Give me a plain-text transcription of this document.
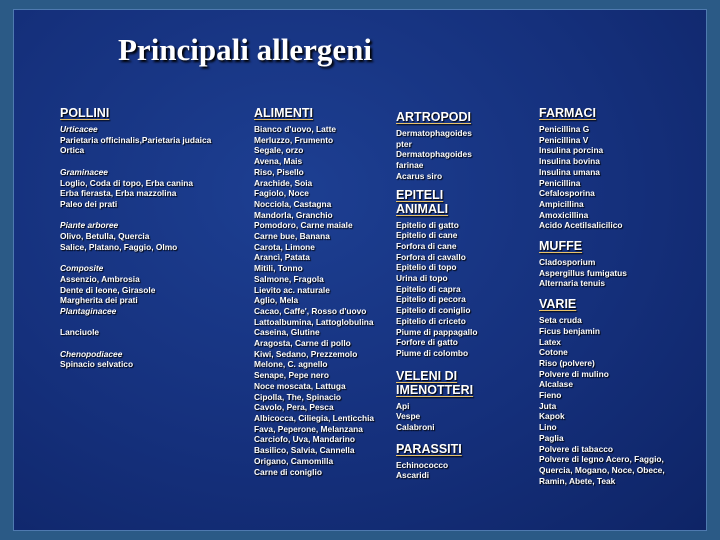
Principali allergeni
POLLINI
Urticacee
Parietaria officinalis,Parietaria judaica
Ortica
Graminacee
Loglio, Coda di topo, Erba canina
Erba fierasta, Erba mazzolina
Paleo dei prati
Piante arboree
Olivo, Betulla, Quercia
Salice, Platano, Faggio, Olmo
Composite
Assenzio, Ambrosia
Dente di leone, Girasole
Margherita dei prati
Plantaginacee
Lanciuole
Chenopodiacee
Spinacio selvatico
ALIMENTI
Bianco d'uovo, Latte
Merluzzo, Frumento
Segale, orzo
Avena, Mais
Riso, Pisello
Arachide, Soia
Fagiolo, Noce
Nocciola, Castagna
Mandorla, Granchio
Pomodoro, Carne maiale
Carne bue, Banana
Carota, Limone
Arancì, Patata
Mitili, Tonno
Salmone, Fragola
Lievito ac. naturale
Aglio, Mela
Cacao, Caffe', Rosso d'uovo
Lattoalbumina, Lattoglobulina
Caseina, Glutine
Aragosta, Carne di pollo
Kiwi, Sedano, Prezzemolo
Melone, C. agnello
Senape, Pepe nero
Noce moscata, Lattuga
Cipolla, The, Spinacio
Cavolo, Pera, Pesca
Albicocca, Ciliegia, Lenticchia
Fava, Peperone, Melanzana
Carciofo, Uva, Mandarino
Basilico, Salvia, Cannella
Origano, Camomilla
Carne di coniglio
ARTROPODI
Dermatophagoides
pter
Dermatophagoides
farinae
Acarus siro
EPITELI
ANIMALI
Epitelio di gatto
Epitelio di cane
Forfora di cane
Forfora di cavallo
Epitelio di topo
Urina di topo
Epitelio di capra
Epitelio di pecora
Epitelio di coniglio
Epitelio di criceto
Piume di pappagallo
Forfore di gatto
Piume di colombo
VELENI DI
IMENOTTERI
Api
Vespe
Calabroni
PARASSITI
Echinococco
Ascaridi
FARMACI
Penicillina G
Penicillina V
Insulina porcina
Insulina bovina
Insulina umana
Penicillina
Cefalosporina
Ampicillina
Amoxicillina
Acido Acetilsalicilico
MUFFE
Cladosporium
Aspergillus fumigatus
Alternaria tenuis
VARIE
Seta cruda
Ficus benjamin
Latex
Cotone
Riso (polvere)
Polvere di mulino
Alcalase
Fieno
Juta
Kapok
Lino
Paglia
Polvere di tabacco
Polvere di legno Acero, Faggio,
Quercia, Mogano, Noce, Obece,
Ramin, Abete, Teak
